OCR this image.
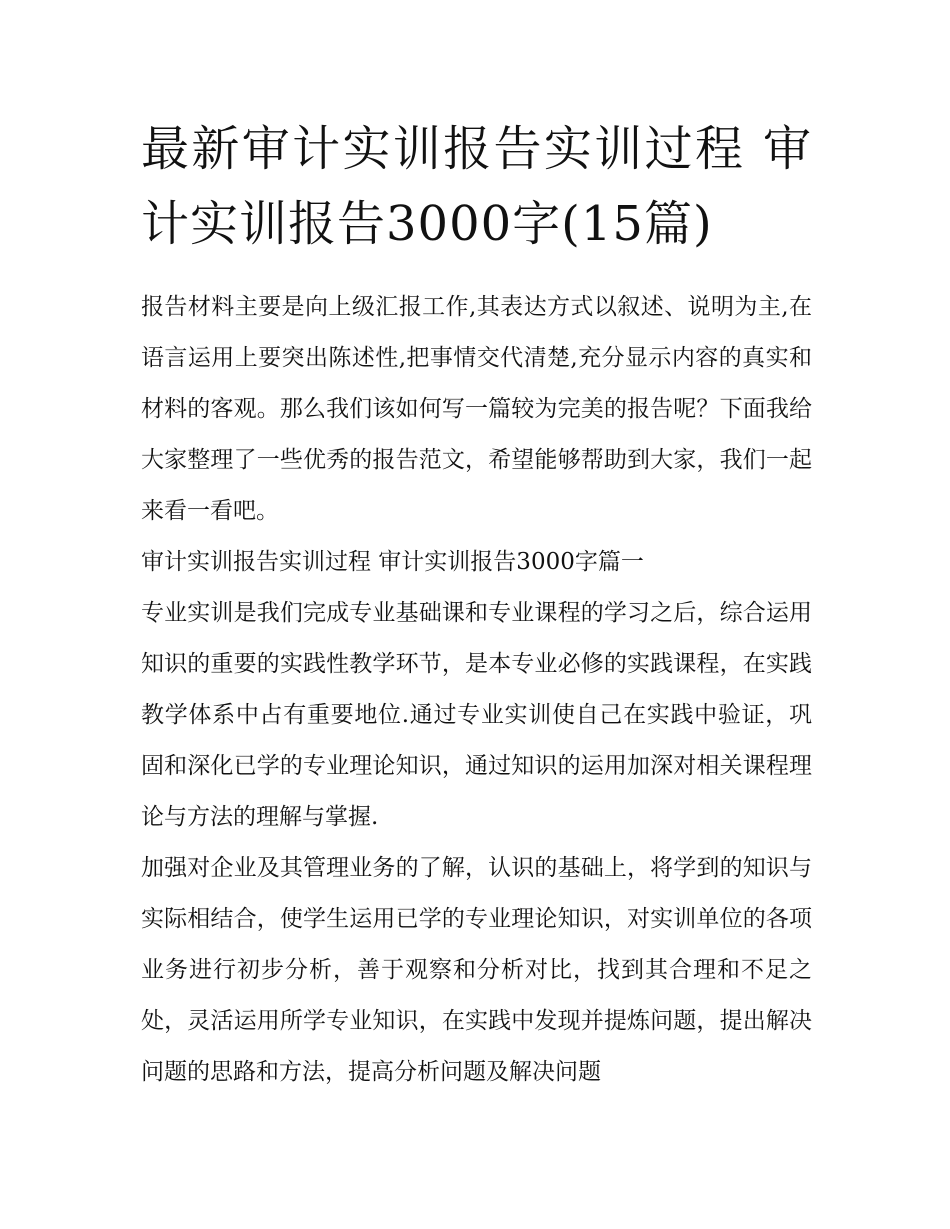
最新审计实训报告实训过程 审计实训报告3000字(15篇)

报告材料主要是向上级汇报工作,其表达方式以叙述、说明为主,在语言运用上要突出陈述性,把事情交代清楚,充分显示内容的真实和材料的客观。那么我们该如何写一篇较为完美的报告呢？下面我给大家整理了一些优秀的报告范文，希望能够帮助到大家，我们一起来看一看吧。

审计实训报告实训过程 审计实训报告3000字篇一

专业实训是我们完成专业基础课和专业课程的学习之后，综合运用知识的重要的实践性教学环节，是本专业必修的实践课程，在实践教学体系中占有重要地位.通过专业实训使自己在实践中验证，巩固和深化已学的专业理论知识，通过知识的运用加深对相关课程理论与方法的理解与掌握.

加强对企业及其管理业务的了解，认识的基础上，将学到的知识与实际相结合，使学生运用已学的专业理论知识，对实训单位的各项业务进行初步分析，善于观察和分析对比，找到其合理和不足之处，灵活运用所学专业知识，在实践中发现并提炼问题，提出解决问题的思路和方法，提高分析问题及解决问题
